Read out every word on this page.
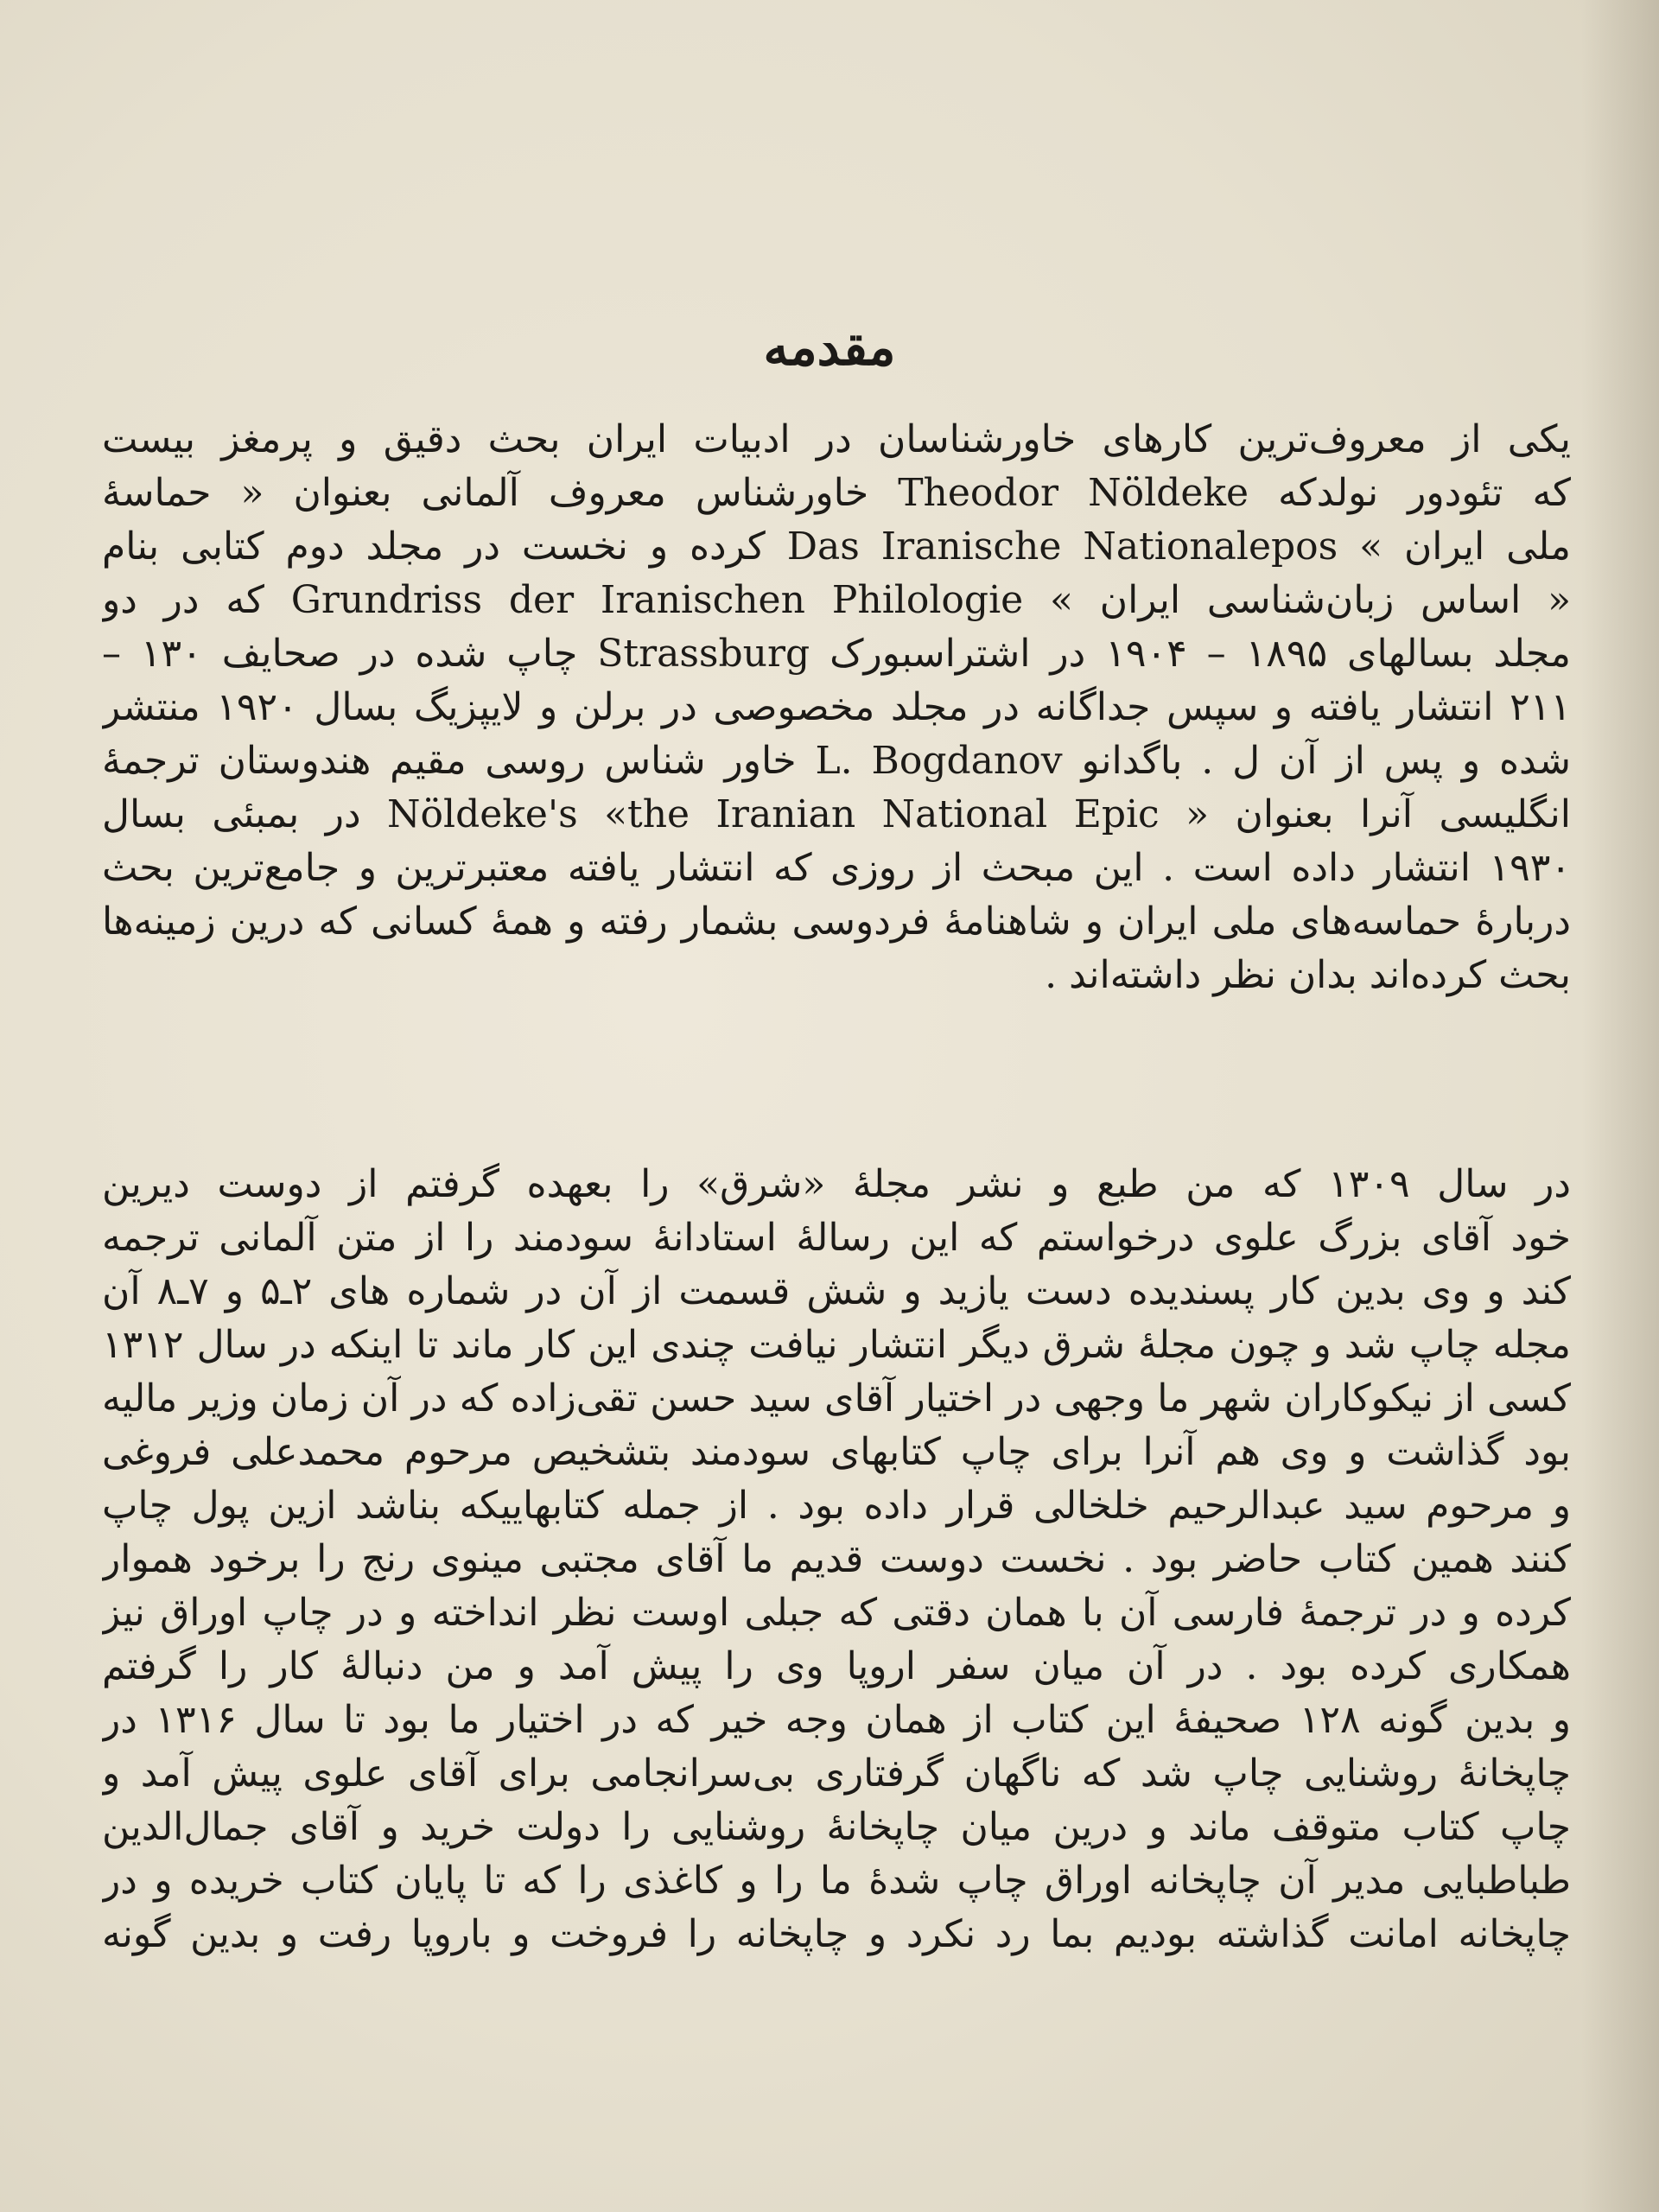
مقدمه
یکی از معروف‌ترین کارهای خاورشناسان در ادبیات ایران بحث دقیق و پرمغز بیست
که تئودور نولدکه Theodor Nöldeke خاورشناس معروف آلمانی بعنوان « حماسهٔ
ملی ایران » Das Iranische Nationalepos کرده و نخست در مجلد دوم کتابی بنام
« اساس زبان‌شناسی ایران » Grundriss der Iranischen Philologie که در دو
مجلد بسالهای ۱۸۹۵ – ۱۹۰۴ در اشتراسبورک Strassburg چاپ شده در صحایف ۱۳۰ –
۲۱۱ انتشار یافته و سپس جداگانه در مجلد مخصوصی در برلن و لایپزیگ بسال ۱۹۲۰ منتشر
شده و پس از آن ل . باگدانو L. Bogdanov خاور شناس روسی مقیم هندوستان ترجمهٔ
انگلیسی آنرا بعنوان « Nöldeke's «the Iranian National Epic در بمبئی بسال
۱۹۳۰ انتشار داده است . این مبحث از روزی که انتشار یافته معتبرترین و جامع‌ترین بحث
دربارهٔ حماسه‌های ملی ایران و شاهنامهٔ فردوسی بشمار رفته و همهٔ کسانی که درین زمینه‌ها
بحث کرده‌اند بدان نظر داشته‌اند .
در سال ۱۳۰۹ که من طبع و نشر مجلهٔ «شرق» را بعهده گرفتم از دوست دیرین
خود آقای بزرگ علوی درخواستم که این رسالهٔ استادانهٔ سودمند را از متن آلمانی ترجمه
کند و وی بدین کار پسندیده دست یازید و شش قسمت از آن در شماره های ۲ـ۵ و ۷ـ۸ آن
مجله چاپ شد و چون مجلهٔ شرق دیگر انتشار نیافت چندی این کار ماند تا اینکه در سال ۱۳۱۲
کسی از نیکوکاران شهر ما وجهی در اختیار آقای سید حسن تقی‌زاده که در آن زمان وزیر مالیه
بود گذاشت و وی هم آنرا برای چاپ کتابهای سودمند بتشخیص مرحوم محمدعلی فروغی
و مرحوم سید عبدالرحیم خلخالی قرار داده بود . از جمله کتابهاییکه بناشد ازین پول چاپ
کنند همین کتاب حاضر بود . نخست دوست قدیم ما آقای مجتبی مینوی رنج را برخود هموار
کرده و در ترجمهٔ فارسی آن با همان دقتی که جبلی اوست نظر انداخته و در چاپ اوراق نیز
همکاری کرده بود . در آن میان سفر اروپا وی را پیش آمد و من دنبالهٔ کار را گرفتم
و بدین گونه ۱۲۸ صحیفهٔ این کتاب از همان وجه خیر که در اختیار ما بود تا سال ۱۳۱۶ در
چاپخانهٔ روشنایی چاپ شد که ناگهان گرفتاری بی‌سرانجامی برای آقای علوی پیش آمد و
چاپ کتاب متوقف ماند و درین میان چاپخانهٔ روشنایی را دولت خرید و آقای جمال‌الدین
طباطبایی مدیر آن چاپخانه اوراق چاپ شدهٔ ما را و کاغذی را که تا پایان کتاب خریده و در
چاپخانه امانت گذاشته بودیم بما رد نکرد و چاپخانه را فروخت و باروپا رفت و بدین گونه
